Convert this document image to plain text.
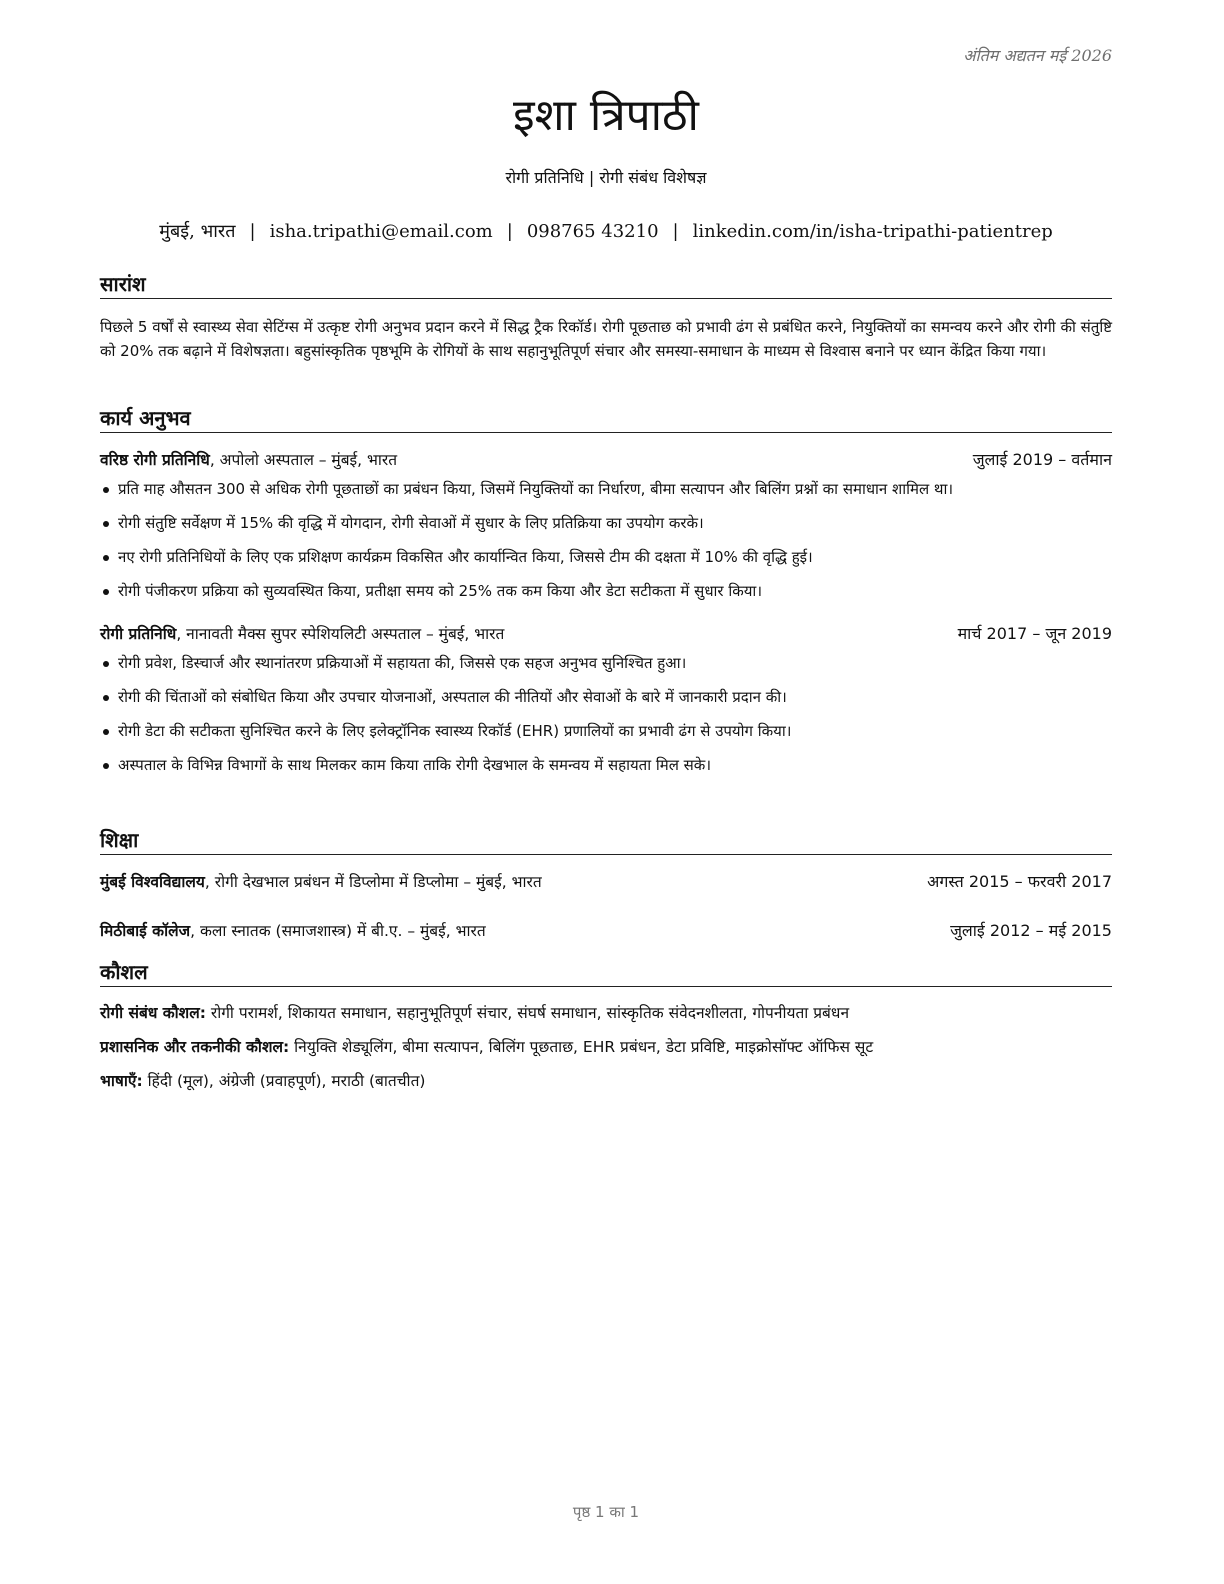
अंतिम अद्यतन मई 2026
इशा त्रिपाठी
रोगी प्रतिनिधि | रोगी संबंध विशेषज्ञ
मुंबई, भारत | isha.tripathi@email.com | 098765 43210 | linkedin.com/in/isha-tripathi-patientrep
सारांश
पिछले 5 वर्षों से स्वास्थ्य सेवा सेटिंग्स में उत्कृष्ट रोगी अनुभव प्रदान करने में सिद्ध ट्रैक रिकॉर्ड। रोगी पूछताछ को प्रभावी ढंग से प्रबंधित करने, नियुक्तियों का समन्वय करने और रोगी की संतुष्टि को 20% तक बढ़ाने में विशेषज्ञता। बहुसांस्कृतिक पृष्ठभूमि के रोगियों के साथ सहानुभूतिपूर्ण संचार और समस्या-समाधान के माध्यम से विश्वास बनाने पर ध्यान केंद्रित किया गया।
कार्य अनुभव
वरिष्ठ रोगी प्रतिनिधि, अपोलो अस्पताल – मुंबई, भारत	जुलाई 2019 – वर्तमान
प्रति माह औसतन 300 से अधिक रोगी पूछताछों का प्रबंधन किया, जिसमें नियुक्तियों का निर्धारण, बीमा सत्यापन और बिलिंग प्रश्नों का समाधान शामिल था।
रोगी संतुष्टि सर्वेक्षण में 15% की वृद्धि में योगदान, रोगी सेवाओं में सुधार के लिए प्रतिक्रिया का उपयोग करके।
नए रोगी प्रतिनिधियों के लिए एक प्रशिक्षण कार्यक्रम विकसित और कार्यान्वित किया, जिससे टीम की दक्षता में 10% की वृद्धि हुई।
रोगी पंजीकरण प्रक्रिया को सुव्यवस्थित किया, प्रतीक्षा समय को 25% तक कम किया और डेटा सटीकता में सुधार किया।
रोगी प्रतिनिधि, नानावती मैक्स सुपर स्पेशियलिटी अस्पताल – मुंबई, भारत	मार्च 2017 – जून 2019
रोगी प्रवेश, डिस्चार्ज और स्थानांतरण प्रक्रियाओं में सहायता की, जिससे एक सहज अनुभव सुनिश्चित हुआ।
रोगी की चिंताओं को संबोधित किया और उपचार योजनाओं, अस्पताल की नीतियों और सेवाओं के बारे में जानकारी प्रदान की।
रोगी डेटा की सटीकता सुनिश्चित करने के लिए इलेक्ट्रॉनिक स्वास्थ्य रिकॉर्ड (EHR) प्रणालियों का प्रभावी ढंग से उपयोग किया।
अस्पताल के विभिन्न विभागों के साथ मिलकर काम किया ताकि रोगी देखभाल के समन्वय में सहायता मिल सके।
शिक्षा
मुंबई विश्वविद्यालय, रोगी देखभाल प्रबंधन में डिप्लोमा में डिप्लोमा – मुंबई, भारत	अगस्त 2015 – फरवरी 2017
मिठीबाई कॉलेज, कला स्नातक (समाजशास्त्र) में बी.ए. – मुंबई, भारत	जुलाई 2012 – मई 2015
कौशल
रोगी संबंध कौशल: रोगी परामर्श, शिकायत समाधान, सहानुभूतिपूर्ण संचार, संघर्ष समाधान, सांस्कृतिक संवेदनशीलता, गोपनीयता प्रबंधन
प्रशासनिक और तकनीकी कौशल: नियुक्ति शेड्यूलिंग, बीमा सत्यापन, बिलिंग पूछताछ, EHR प्रबंधन, डेटा प्रविष्टि, माइक्रोसॉफ्ट ऑफिस सूट
भाषाएँ: हिंदी (मूल), अंग्रेजी (प्रवाहपूर्ण), मराठी (बातचीत)
पृष्ठ 1 का 1
